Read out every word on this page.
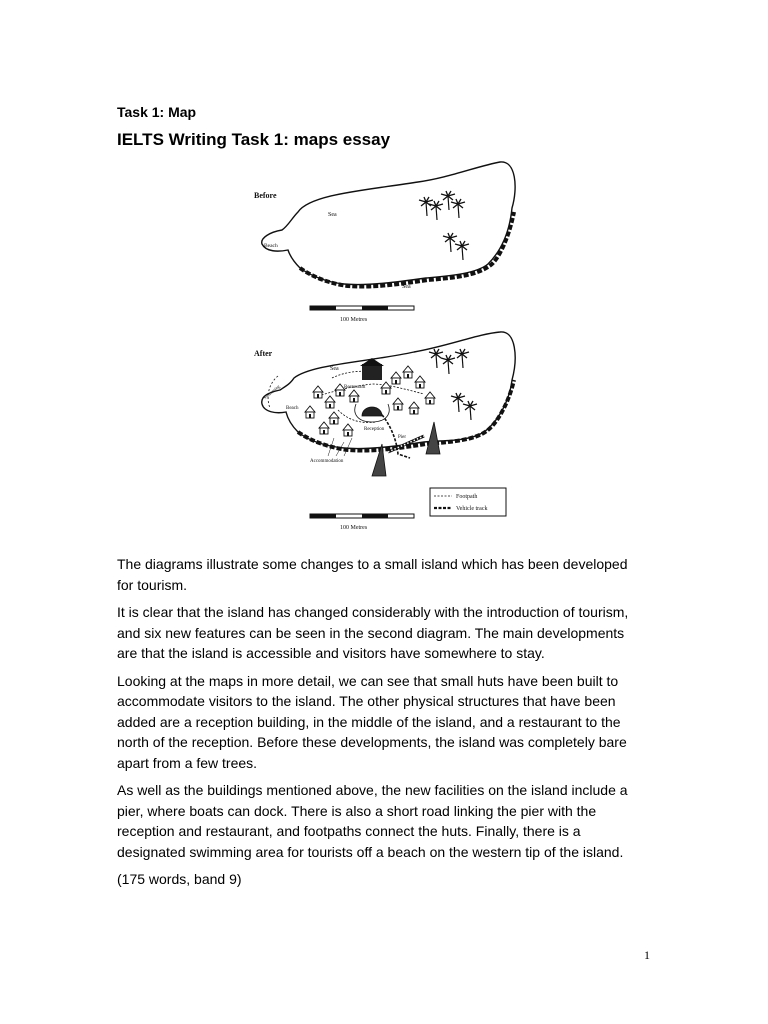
Task 1: Map
IELTS Writing Task 1: maps essay
Before
Sea
Sea
Beach
100 Metres
After
Sea
Restaurant
Reception
Pier
Beach
Swimming
Accommodation
Footpath
Vehicle track
100 Metres

The diagrams illustrate some changes to a small island which has been developed for tourism.

It is clear that the island has changed considerably with the introduction of tourism, and six new features can be seen in the second diagram. The main developments are that the island is accessible and visitors have somewhere to stay.

Looking at the maps in more detail, we can see that small huts have been built to accommodate visitors to the island. The other physical structures that have been added are a reception building, in the middle of the island, and a restaurant to the north of the reception. Before these developments, the island was completely bare apart from a few trees.

As well as the buildings mentioned above, the new facilities on the island include a pier, where boats can dock. There is also a short road linking the pier with the reception and restaurant, and footpaths connect the huts. Finally, there is a designated swimming area for tourists off a beach on the western tip of the island.

(175 words, band 9)

1
